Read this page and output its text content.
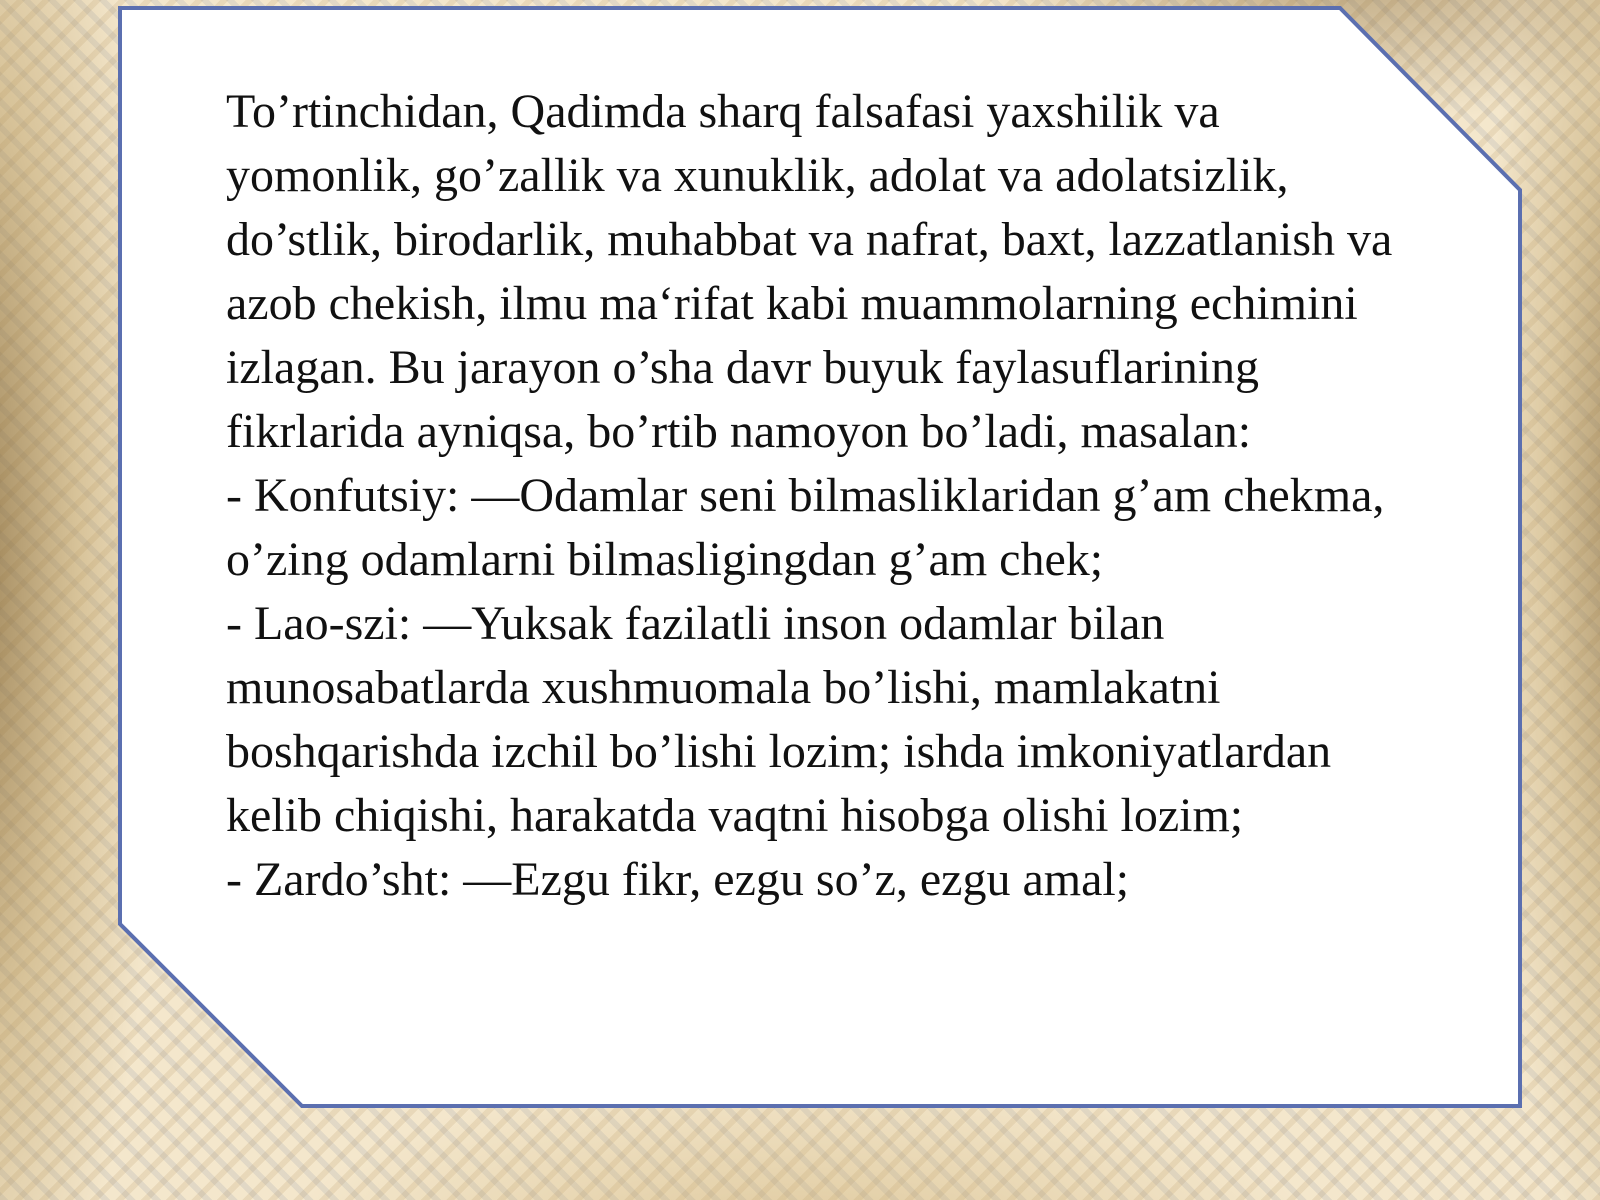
To’rtinchidan, Qadimda sharq falsafasi yaxshilik va yomonlik, go’zallik va xunuklik, adolat va adolatsizlik, do’stlik, birodarlik, muhabbat va nafrat, baxt, lazzatlanish va azob chekish, ilmu ma‘rifat kabi muammolarning echimini izlagan. Bu jarayon o’sha davr buyuk faylasuflarining fikrlarida ayniqsa, bo’rtib namoyon bo’ladi, masalan:

- Konfutsiy: —Odamlar seni bilmasliklaridan g’am chekma, o’zing odamlarni bilmasligingdan g’am chek;

- Lao-szi: —Yuksak fazilatli inson odamlar bilan munosabatlarda xushmuomala bo’lishi, mamlakatni boshqarishda izchil bo’lishi lozim; ishda imkoniyatlardan kelib chiqishi, harakatda vaqtni hisobga olishi lozim;

- Zardo’sht: —Ezgu fikr, ezgu so’z, ezgu amal;
